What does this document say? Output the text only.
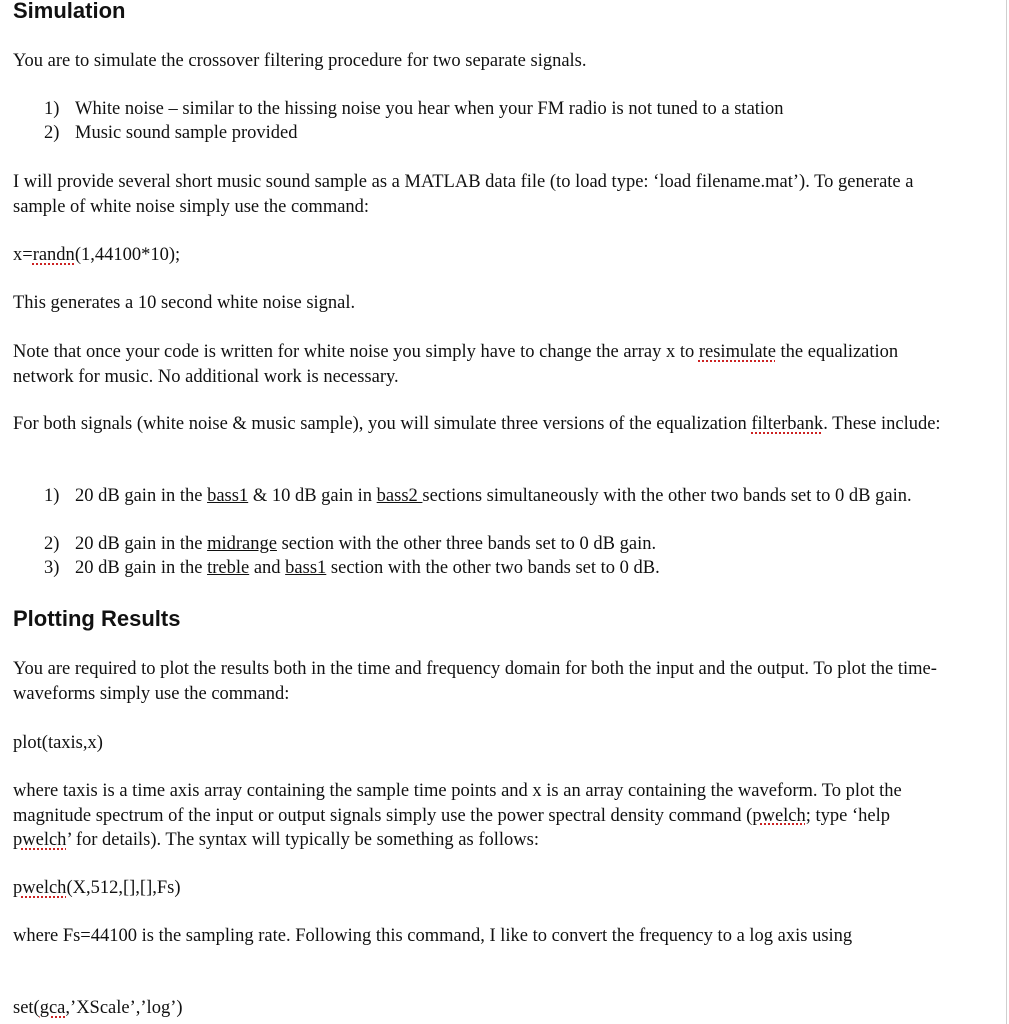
Simulation

You are to simulate the crossover filtering procedure for two separate signals.

1) White noise – similar to the hissing noise you hear when your FM radio is not tuned to a station
2) Music sound sample provided

I will provide several short music sound sample as a MATLAB data file (to load type: ‘load filename.mat’). To generate a sample of white noise simply use the command:

x=randn(1,44100*10);

This generates a 10 second white noise signal.

Note that once your code is written for white noise you simply have to change the array x to resimulate the equalization network for music. No additional work is necessary.

For both signals (white noise & music sample), you will simulate three versions of the equalization filterbank. These include:

1) 20 dB gain in the bass1 & 10 dB gain in bass2 sections simultaneously with the other two bands set to 0 dB gain.
2) 20 dB gain in the midrange section with the other three bands set to 0 dB gain.
3) 20 dB gain in the treble and bass1 section with the other two bands set to 0 dB.
Plotting Results

You are required to plot the results both in the time and frequency domain for both the input and the output. To plot the time-waveforms simply use the command:

plot(taxis,x)

where taxis is a time axis array containing the sample time points and x is an array containing the waveform. To plot the magnitude spectrum of the input or output signals simply use the power spectral density command (pwelch; type ‘help pwelch’ for details). The syntax will typically be something as follows:

pwelch(X,512,[],[],Fs)

where Fs=44100 is the sampling rate. Following this command, I like to convert the frequency to a log axis using

set(gca,’XScale’,’log’)
